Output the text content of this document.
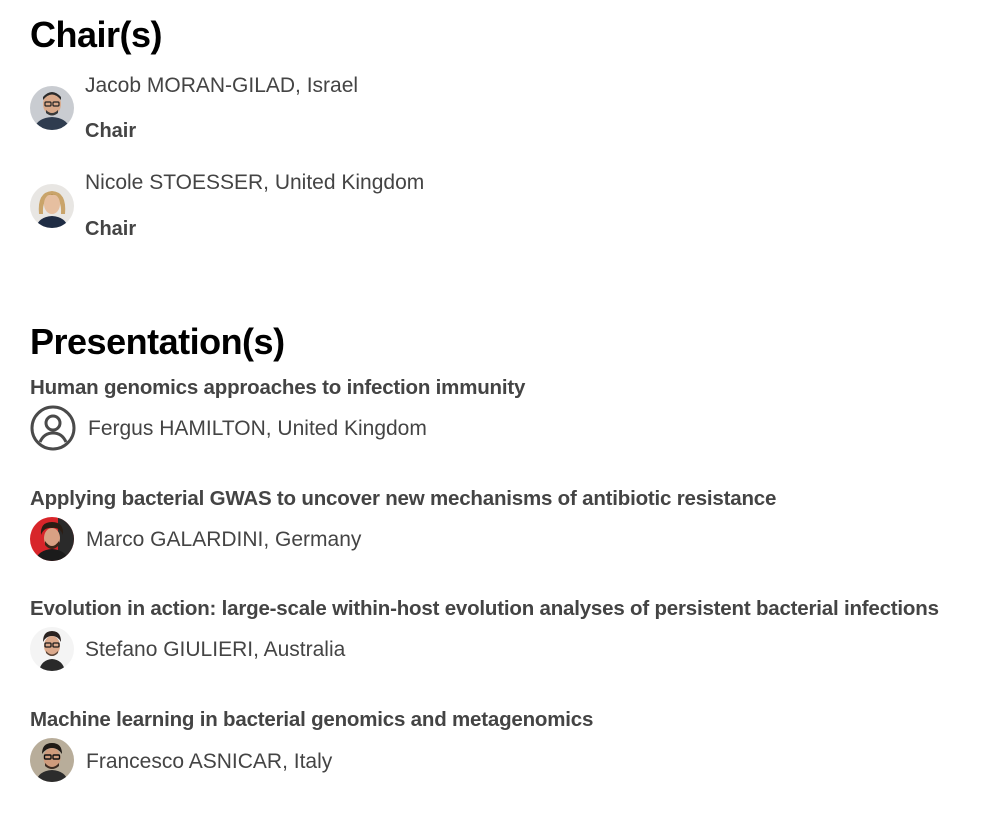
Chair(s)
Jacob MORAN-GILAD, Israel
Chair
Nicole STOESSER, United Kingdom
Chair
Presentation(s)
Human genomics approaches to infection immunity
Fergus HAMILTON, United Kingdom
Applying bacterial GWAS to uncover new mechanisms of antibiotic resistance
Marco GALARDINI, Germany
Evolution in action: large-scale within-host evolution analyses of persistent bacterial infections
Stefano GIULIERI, Australia
Machine learning in bacterial genomics and metagenomics
Francesco ASNICAR, Italy
